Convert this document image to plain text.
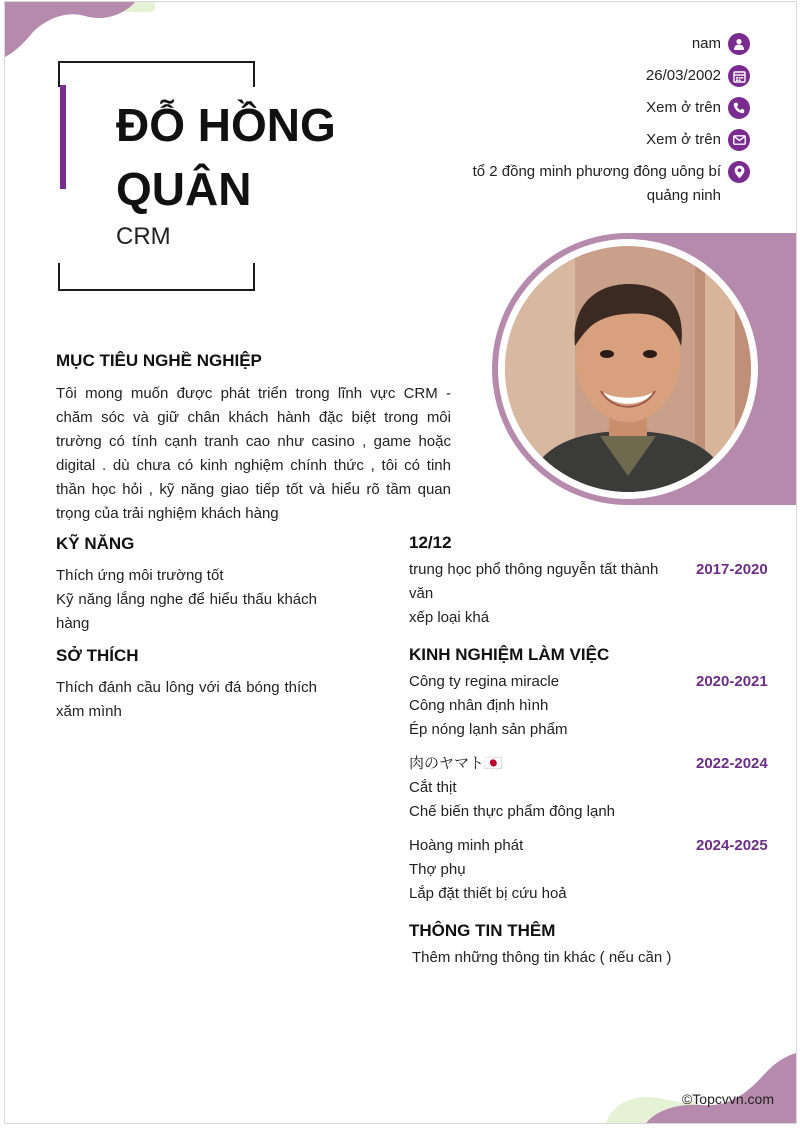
ĐỖ HỒNG QUÂN
CRM
nam
26/03/2002
Xem ở trên
Xem ở trên
tổ 2 đồng minh phương đông uông bí quảng ninh
MỤC TIÊU NGHỀ NGHIỆP

Tôi mong muốn được phát triển trong lĩnh vực CRM - chăm sóc và giữ chân khách hành đặc biệt trong môi trường có tính cạnh tranh cao như casino , game hoặc digital . dù chưa có kinh nghiệm chính thức , tôi có tinh thần học hỏi , kỹ năng giao tiếp tốt và hiểu rõ tầm quan trọng của trải nghiệm khách hàng

KỸ NĂNG
Thích ứng môi trường tốt
Kỹ năng lắng nghe để hiểu thấu khách hàng
SỞ THÍCH

Thích đánh cầu lông với đá bóng thích xăm mình

12/12
trung học phổ thông nguyễn tất thành văn
xếp loại khá
2017-2020
KINH NGHIỆM LÀM VIỆC
Công ty regina miracle
Công nhân định hình
Ép nóng lạnh sản phẩm
2020-2021
肉のヤマト🇯🇵
Cắt thịt
Chế biến thực phẩm đông lạnh
2022-2024
Hoàng minh phát
Thợ phụ
Lắp đặt thiết bị cứu hoả
2024-2025
THÔNG TIN THÊM
Thêm những thông tin khác ( nếu cần )
©Topcvvn.com
